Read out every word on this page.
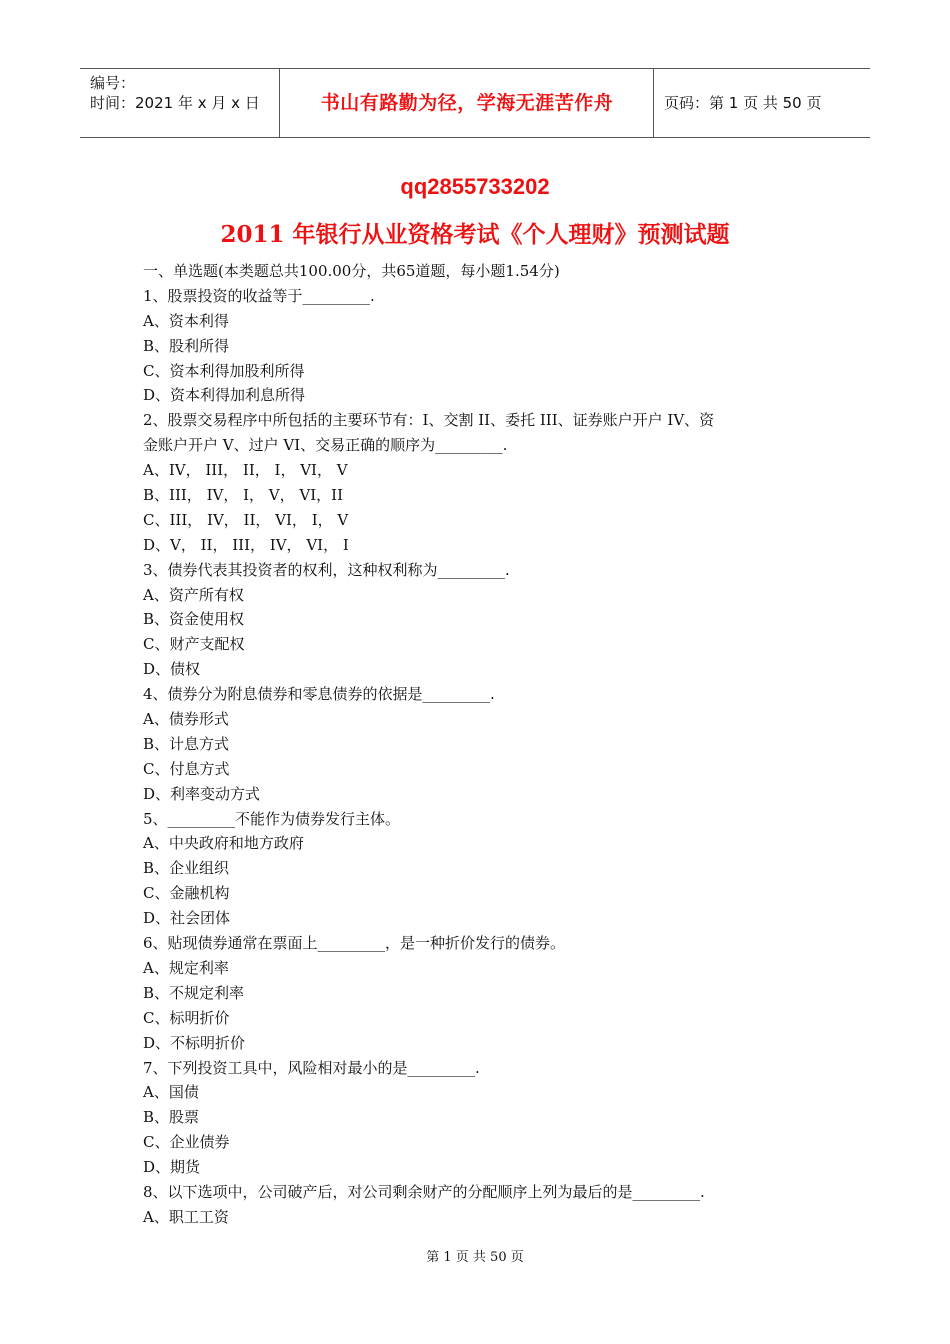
编号：
时间：2021 年 x 月 x 日	书山有路勤为径，学海无涯苦作舟	页码：第 1 页 共 50 页
qq2855733202
2011 年银行从业资格考试《个人理财》预测试题
一、单选题(本类题总共100.00分，共65道题，每小题1.54分)
1、股票投资的收益等于_________.
A、资本利得
B、股利所得
C、资本利得加股利所得
D、资本利得加利息所得
2、股票交易程序中所包括的主要环节有：I、交割 II、委托 III、证券账户开户 IV、资
金账户开户 V、过户 VI、交易正确的顺序为_________.
A、IV， III， II， I， VI， V
B、III， IV， I， V， VI，II
C、III， IV， II， VI， I， V
D、V， II， III， IV， VI， I
3、债券代表其投资者的权利，这种权利称为_________.
A、资产所有权
B、资金使用权
C、财产支配权
D、债权
4、债券分为附息债券和零息债券的依据是_________.
A、债券形式
B、计息方式
C、付息方式
D、利率变动方式
5、_________不能作为债券发行主体。
A、中央政府和地方政府
B、企业组织
C、金融机构
D、社会团体
6、贴现债券通常在票面上_________，是一种折价发行的债券。
A、规定利率
B、不规定利率
C、标明折价
D、不标明折价
7、下列投资工具中，风险相对最小的是_________.
A、国债
B、股票
C、企业债券
D、期货
8、以下选项中，公司破产后，对公司剩余财产的分配顺序上列为最后的是_________.
A、职工工资
第 1 页 共 50 页
